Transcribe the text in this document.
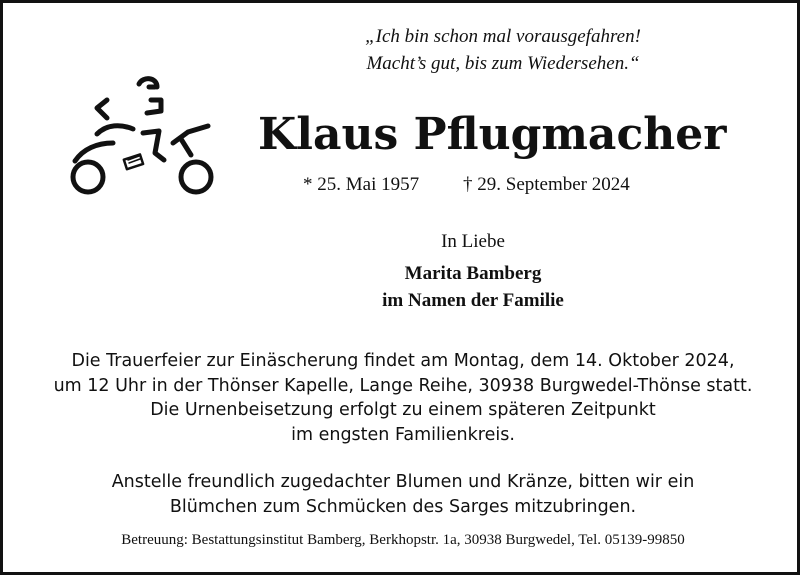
„Ich bin schon mal vorausgefahren!
Macht’s gut, bis zum Wiedersehen.“
Klaus Pflugmacher
* 25. Mai 1957 † 29. September 2024
In Liebe
Marita Bamberg
im Namen der Familie
Die Trauerfeier zur Einäscherung findet am Montag, dem 14. Oktober 2024,
um 12 Uhr in der Thönser Kapelle, Lange Reihe, 30938 Burgwedel-Thönse statt.
Die Urnenbeisetzung erfolgt zu einem späteren Zeitpunkt
im engsten Familienkreis.
Anstelle freundlich zugedachter Blumen und Kränze, bitten wir ein
Blümchen zum Schmücken des Sarges mitzubringen.
Betreuung: Bestattungsinstitut Bamberg, Berkhopstr. 1a, 30938 Burgwedel, Tel. 05139-99850
